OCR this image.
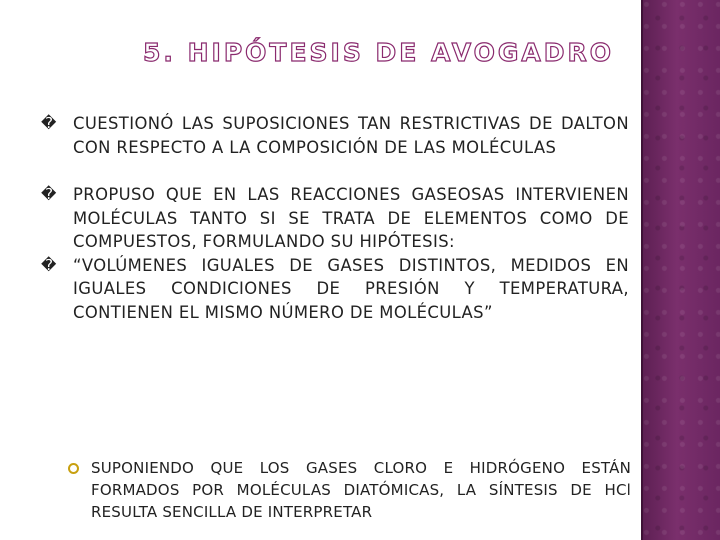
5. HIPÓTESIS DE AVOGADRO
� CUESTIONÓ LAS SUPOSICIONES TAN RESTRICTIVAS DE DALTON CON RESPECTO A LA COMPOSICIÓN DE LAS MOLÉCULAS
� PROPUSO QUE EN LAS REACCIONES GASEOSAS INTERVIENEN MOLÉCULAS TANTO SI SE TRATA DE ELEMENTOS COMO DE COMPUESTOS, FORMULANDO SU HIPÓTESIS:
� “VOLÚMENES IGUALES DE GASES DISTINTOS, MEDIDOS EN IGUALES CONDICIONES DE PRESIÓN Y TEMPERATURA, CONTIENEN EL MISMO NÚMERO DE MOLÉCULAS”
SUPONIENDO QUE LOS GASES CLORO E HIDRÓGENO ESTÁN FORMADOS POR MOLÉCULAS DIATÓMICAS, LA SÍNTESIS DE HCl RESULTA SENCILLA DE INTERPRETAR
